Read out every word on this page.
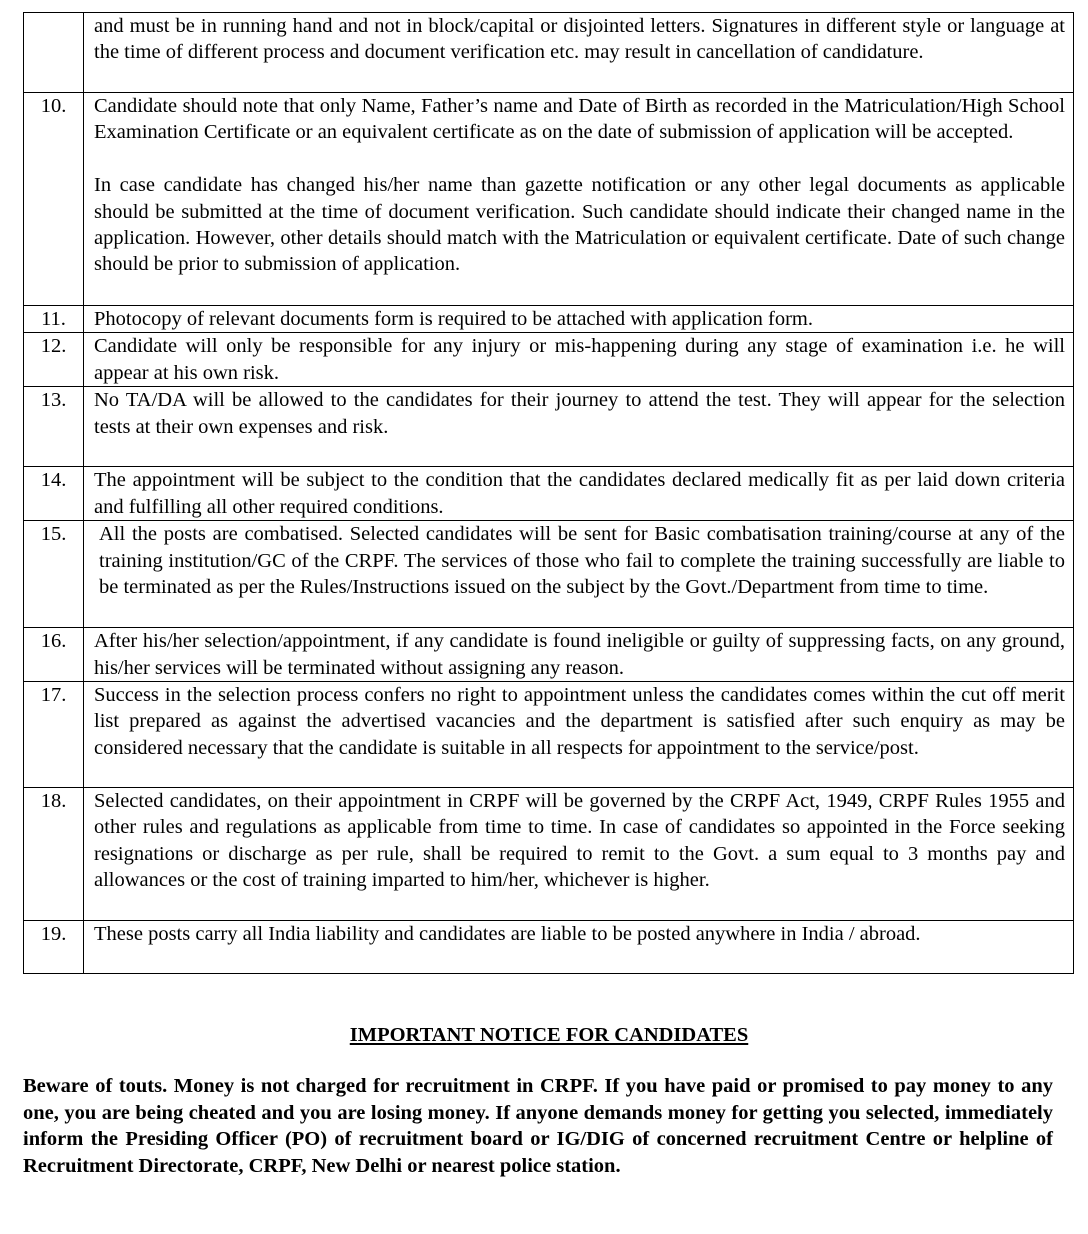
	and must be in running hand and not in block/capital or disjointed letters. Signatures in different style or language at the time of different process and document verification etc. may result in cancellation of candidature.

10.	Candidate should note that only Name, Father’s name and Date of Birth as recorded in the Matriculation/High School Examination Certificate or an equivalent certificate as on the date of submission of application will be accepted.

In case candidate has changed his/her name than gazette notification or any other legal documents as applicable should be submitted at the time of document verification. Such candidate should indicate their changed name in the application. However, other details should match with the Matriculation or equivalent certificate. Date of such change should be prior to submission of application.

11.	Photocopy of relevant documents form is required to be attached with application form.

12.	Candidate will only be responsible for any injury or mis-happening during any stage of examination i.e. he will appear at his own risk.

13.	No TA/DA will be allowed to the candidates for their journey to attend the test. They will appear for the selection tests at their own expenses and risk.

14.	The appointment will be subject to the condition that the candidates declared medically fit as per laid down criteria and fulfilling all other required conditions.

15.	All the posts are combatised. Selected candidates will be sent for Basic combatisation training/course at any of the training institution/GC of the CRPF. The services of those who fail to complete the training successfully are liable to be terminated as per the Rules/Instructions issued on the subject by the Govt./Department from time to time.

16.	After his/her selection/appointment, if any candidate is found ineligible or guilty of suppressing facts, on any ground, his/her services will be terminated without assigning any reason.

17.	Success in the selection process confers no right to appointment unless the candidates comes within the cut off merit list prepared as against the advertised vacancies and the department is satisfied after such enquiry as may be considered necessary that the candidate is suitable in all respects for appointment to the service/post.

18.	Selected candidates, on their appointment in CRPF will be governed by the CRPF Act, 1949, CRPF Rules 1955 and other rules and regulations as applicable from time to time. In case of candidates so appointed in the Force seeking resignations or discharge as per rule, shall be required to remit to the Govt. a sum equal to 3 months pay and allowances or the cost of training imparted to him/her, whichever is higher.

19.	These posts carry all India liability and candidates are liable to be posted anywhere in India / abroad.

IMPORTANT NOTICE FOR CANDIDATES

Beware of touts. Money is not charged for recruitment in CRPF. If you have paid or promised to pay money to any one, you are being cheated and you are losing money. If anyone demands money for getting you selected, immediately inform the Presiding Officer (PO) of recruitment board or IG/DIG of concerned recruitment Centre or helpline of Recruitment Directorate, CRPF, New Delhi or nearest police station.
